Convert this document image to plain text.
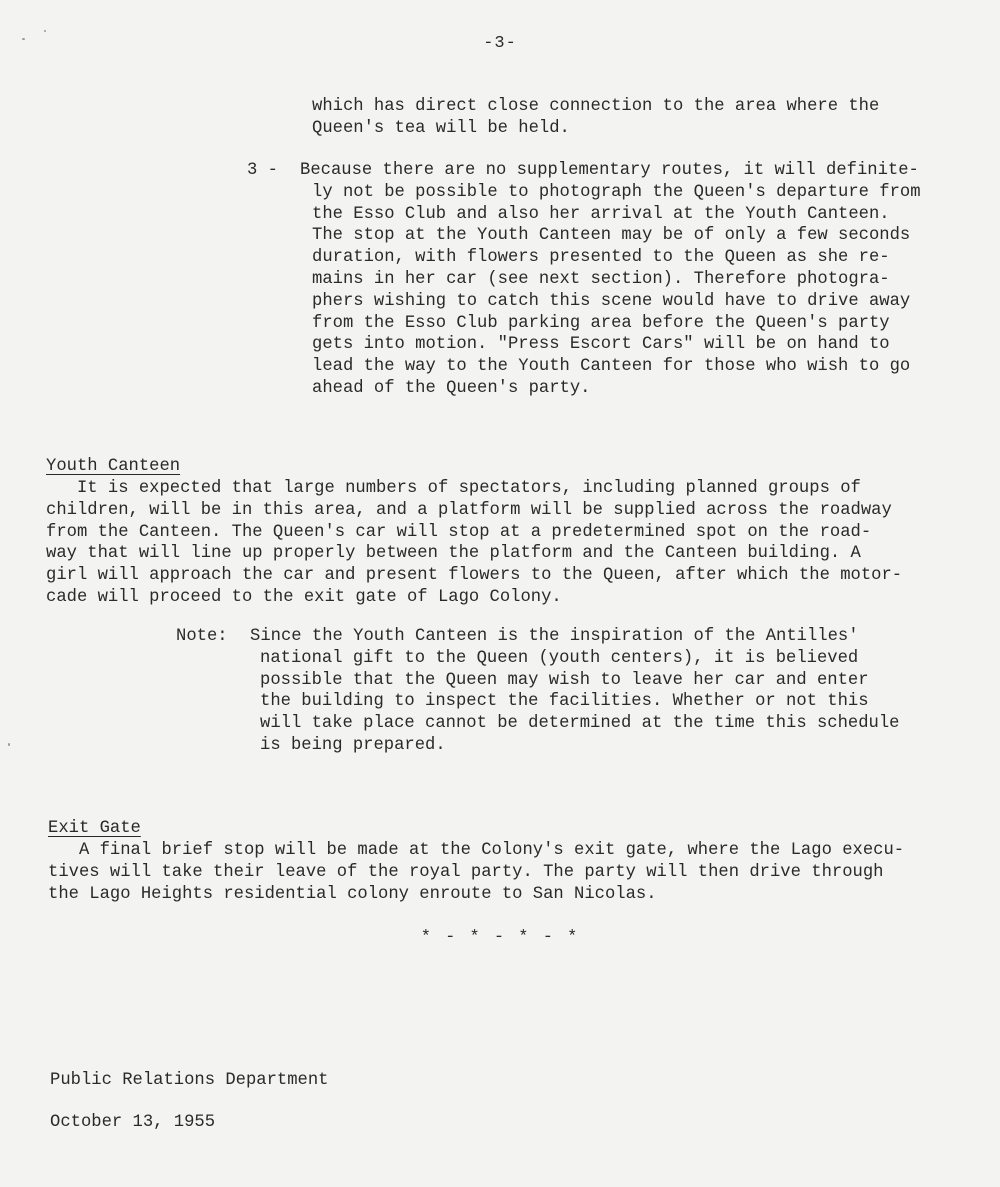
-3-
which has direct close connection to the area where the
Queen's tea will be held.
3 - Because there are no supplementary routes, it will definite-
ly not be possible to photograph the Queen's departure from
the Esso Club and also her arrival at the Youth Canteen.
The stop at the Youth Canteen may be of only a few seconds
duration, with flowers presented to the Queen as she re-
mains in her car (see next section). Therefore photogra-
phers wishing to catch this scene would have to drive away
from the Esso Club parking area before the Queen's party
gets into motion. "Press Escort Cars" will be on hand to
lead the way to the Youth Canteen for those who wish to go
ahead of the Queen's party.
Youth Canteen
It is expected that large numbers of spectators, including planned groups of
children, will be in this area, and a platform will be supplied across the roadway
from the Canteen. The Queen's car will stop at a predetermined spot on the road-
way that will line up properly between the platform and the Canteen building. A
girl will approach the car and present flowers to the Queen, after which the motor-
cade will proceed to the exit gate of Lago Colony.
Note: Since the Youth Canteen is the inspiration of the Antilles'
national gift to the Queen (youth centers), it is believed
possible that the Queen may wish to leave her car and enter
the building to inspect the facilities. Whether or not this
will take place cannot be determined at the time this schedule
is being prepared.
Exit Gate
A final brief stop will be made at the Colony's exit gate, where the Lago execu-
tives will take their leave of the royal party. The party will then drive through
the Lago Heights residential colony enroute to San Nicolas.
* - * - * - *
Public Relations Department
October 13, 1955
